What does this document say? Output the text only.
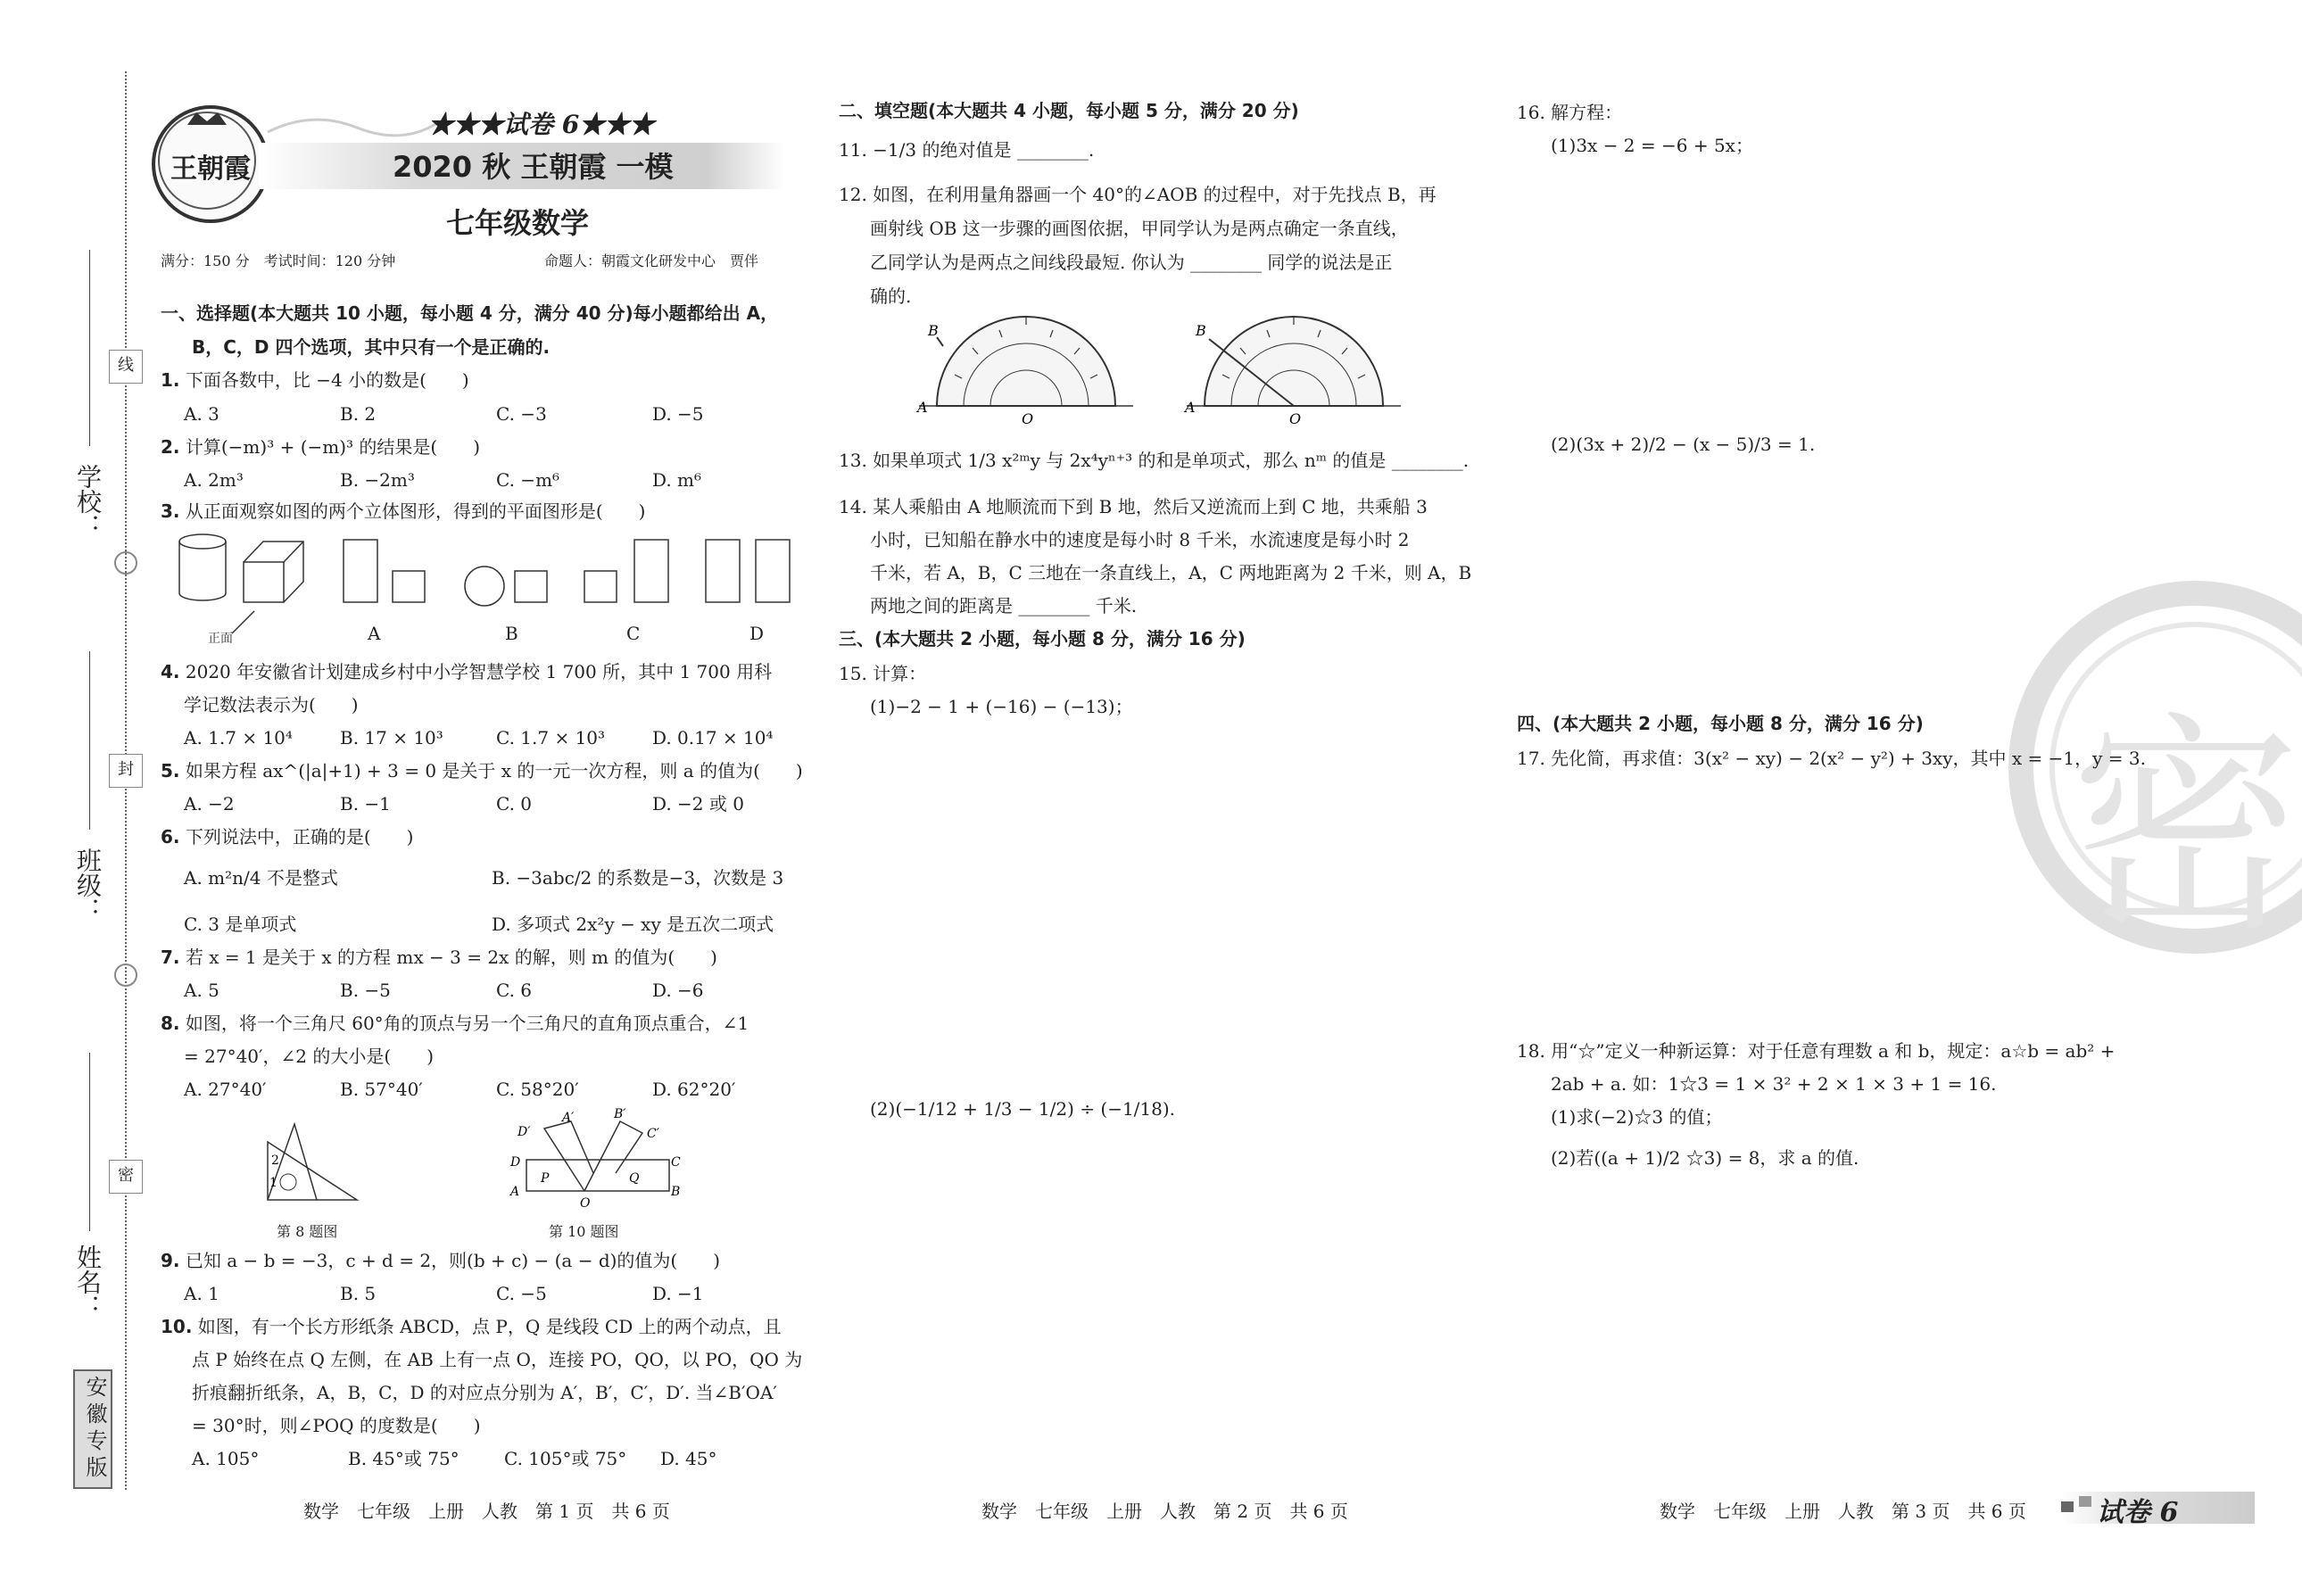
学校：
班级：
姓名：
线
封
密
安徽专版
王朝霞
★★★试卷 6★★★
2020 秋 王朝霞 一模
七年级数学
满分：150 分　考试时间：120 分钟	命题人：朝霞文化研发中心　贾伴
一、选择题(本大题共 10 小题，每小题 4 分，满分 40 分)每小题都给出 A，
B，C，D 四个选项，其中只有一个是正确的.
1. 下面各数中，比 −4 小的数是(　　)
A. 3	B. 2	C. −3	D. −5
2. 计算(−m)³ + (−m)³ 的结果是(　　)
A. 2m³	B. −2m³	C. −m⁶	D. m⁶
3. 从正面观察如图的两个立体图形，得到的平面图形是(　　)
正面	A	B	C	D
4. 2020 年安徽省计划建成乡村中小学智慧学校 1 700 所，其中 1 700 用科
学记数法表示为(　　)
A. 1.7 × 10⁴	B. 17 × 10³	C. 1.7 × 10³	D. 0.17 × 10⁴
5. 如果方程 ax^(|a|+1) + 3 = 0 是关于 x 的一元一次方程，则 a 的值为(　　)
A. −2	B. −1	C. 0	D. −2 或 0
6. 下列说法中，正确的是(　　)
A. m²n/4 不是整式	B. −3abc/2 的系数是−3，次数是 3
C. 3 是单项式	D. 多项式 2x²y − xy 是五次二项式
7. 若 x = 1 是关于 x 的方程 mx − 3 = 2x 的解，则 m 的值为(　　)
A. 5	B. −5	C. 6	D. −6
8. 如图，将一个三角尺 60°角的顶点与另一个三角尺的直角顶点重合，∠1
= 27°40′，∠2 的大小是(　　)
A. 27°40′	B. 57°40′	C. 58°20′	D. 62°20′
2
1
第 8 题图
D
A
C
B
O
P	Q
D′
A′	B′
C′
第 10 题图
9. 已知 a − b = −3，c + d = 2，则(b + c) − (a − d)的值为(　　)
A. 1	B. 5	C. −5	D. −1
10. 如图，有一个长方形纸条 ABCD，点 P，Q 是线段 CD 上的两个动点，且
点 P 始终在点 Q 左侧，在 AB 上有一点 O，连接 PO，QO，以 PO，QO 为
折痕翻折纸条，A，B，C，D 的对应点分别为 A′，B′，C′，D′. 当∠B′OA′
= 30°时，则∠POQ 的度数是(　　)
A. 105°	B. 45°或 75°	C. 105°或 75°	D. 45°
数学　七年级　上册　人教　第 1 页　共 6 页
二、填空题(本大题共 4 小题，每小题 5 分，满分 20 分)
11. −1/3 的绝对值是 ________.
12. 如图，在利用量角器画一个 40°的∠AOB 的过程中，对于先找点 B，再
画射线 OB 这一步骤的画图依据，甲同学认为是两点确定一条直线，
乙同学认为是两点之间线段最短. 你认为 ________ 同学的说法是正
确的.
A
B
O
A
B
O
13. 如果单项式 1/3 x²ᵐy 与 2x⁴yⁿ⁺³ 的和是单项式，那么 nᵐ 的值是 ________.
14. 某人乘船由 A 地顺流而下到 B 地，然后又逆流而上到 C 地，共乘船 3
小时，已知船在静水中的速度是每小时 8 千米，水流速度是每小时 2
千米，若 A，B，C 三地在一条直线上，A，C 两地距离为 2 千米，则 A，B
两地之间的距离是 ________ 千米.
三、(本大题共 2 小题，每小题 8 分，满分 16 分)
15. 计算：
(1)−2 − 1 + (−16) − (−13)；
(2)(−1/12 + 1/3 − 1/2) ÷ (−1/18).
数学　七年级　上册　人教　第 2 页　共 6 页
16. 解方程：
(1)3x − 2 = −6 + 5x；
(2)(3x + 2)/2 − (x − 5)/3 = 1.
密
四、(本大题共 2 小题，每小题 8 分，满分 16 分)
17. 先化简，再求值：3(x² − xy) − 2(x² − y²) + 3xy，其中 x = −1，y = 3.
18. 用“☆”定义一种新运算：对于任意有理数 a 和 b，规定：a☆b = ab² +
2ab + a. 如：1☆3 = 1 × 3² + 2 × 1 × 3 + 1 = 16.
(1)求(−2)☆3 的值；
(2)若((a + 1)/2 ☆3) = 8，求 a 的值.
数学　七年级　上册　人教　第 3 页　共 6 页	试卷 6
